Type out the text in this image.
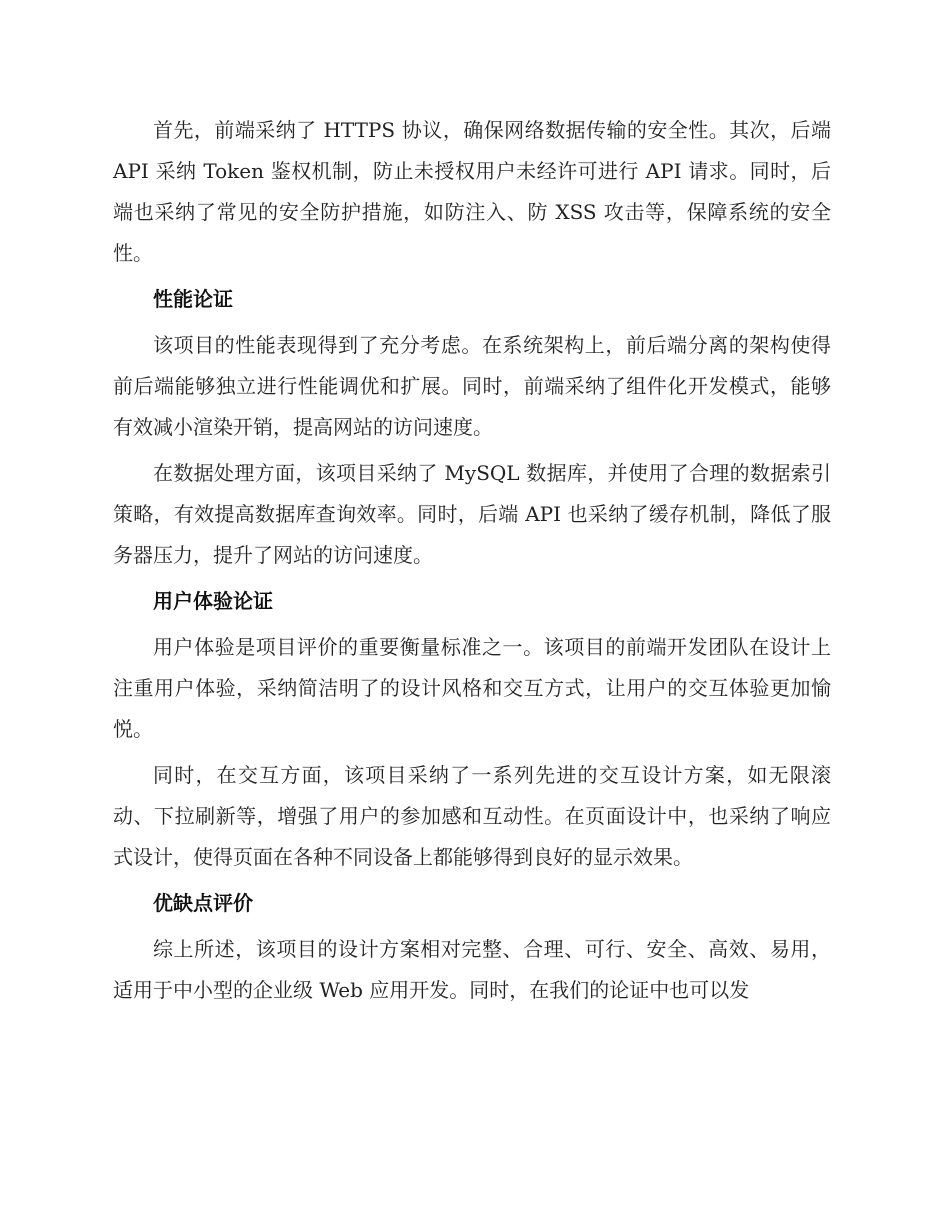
首先，前端采纳了 HTTPS 协议，确保网络数据传输的安全性。其次，后端 API 采纳 Token 鉴权机制，防止未授权用户未经许可进行 API 请求。同时，后端也采纳了常见的安全防护措施，如防注入、防 XSS 攻击等，保障系统的安全性。

性能论证

该项目的性能表现得到了充分考虑。在系统架构上，前后端分离的架构使得前后端能够独立进行性能调优和扩展。同时，前端采纳了组件化开发模式，能够有效减小渲染开销，提高网站的访问速度。

在数据处理方面，该项目采纳了 MySQL 数据库，并使用了合理的数据索引策略，有效提高数据库查询效率。同时，后端 API 也采纳了缓存机制，降低了服务器压力，提升了网站的访问速度。

用户体验论证

用户体验是项目评价的重要衡量标准之一。该项目的前端开发团队在设计上注重用户体验，采纳简洁明了的设计风格和交互方式，让用户的交互体验更加愉悦。

同时，在交互方面，该项目采纳了一系列先进的交互设计方案，如无限滚动、下拉刷新等，增强了用户的参加感和互动性。在页面设计中，也采纳了响应式设计，使得页面在各种不同设备上都能够得到良好的显示效果。

优缺点评价

综上所述，该项目的设计方案相对完整、合理、可行、安全、高效、易用，适用于中小型的企业级 Web 应用开发。同时，在我们的论证中也可以发
